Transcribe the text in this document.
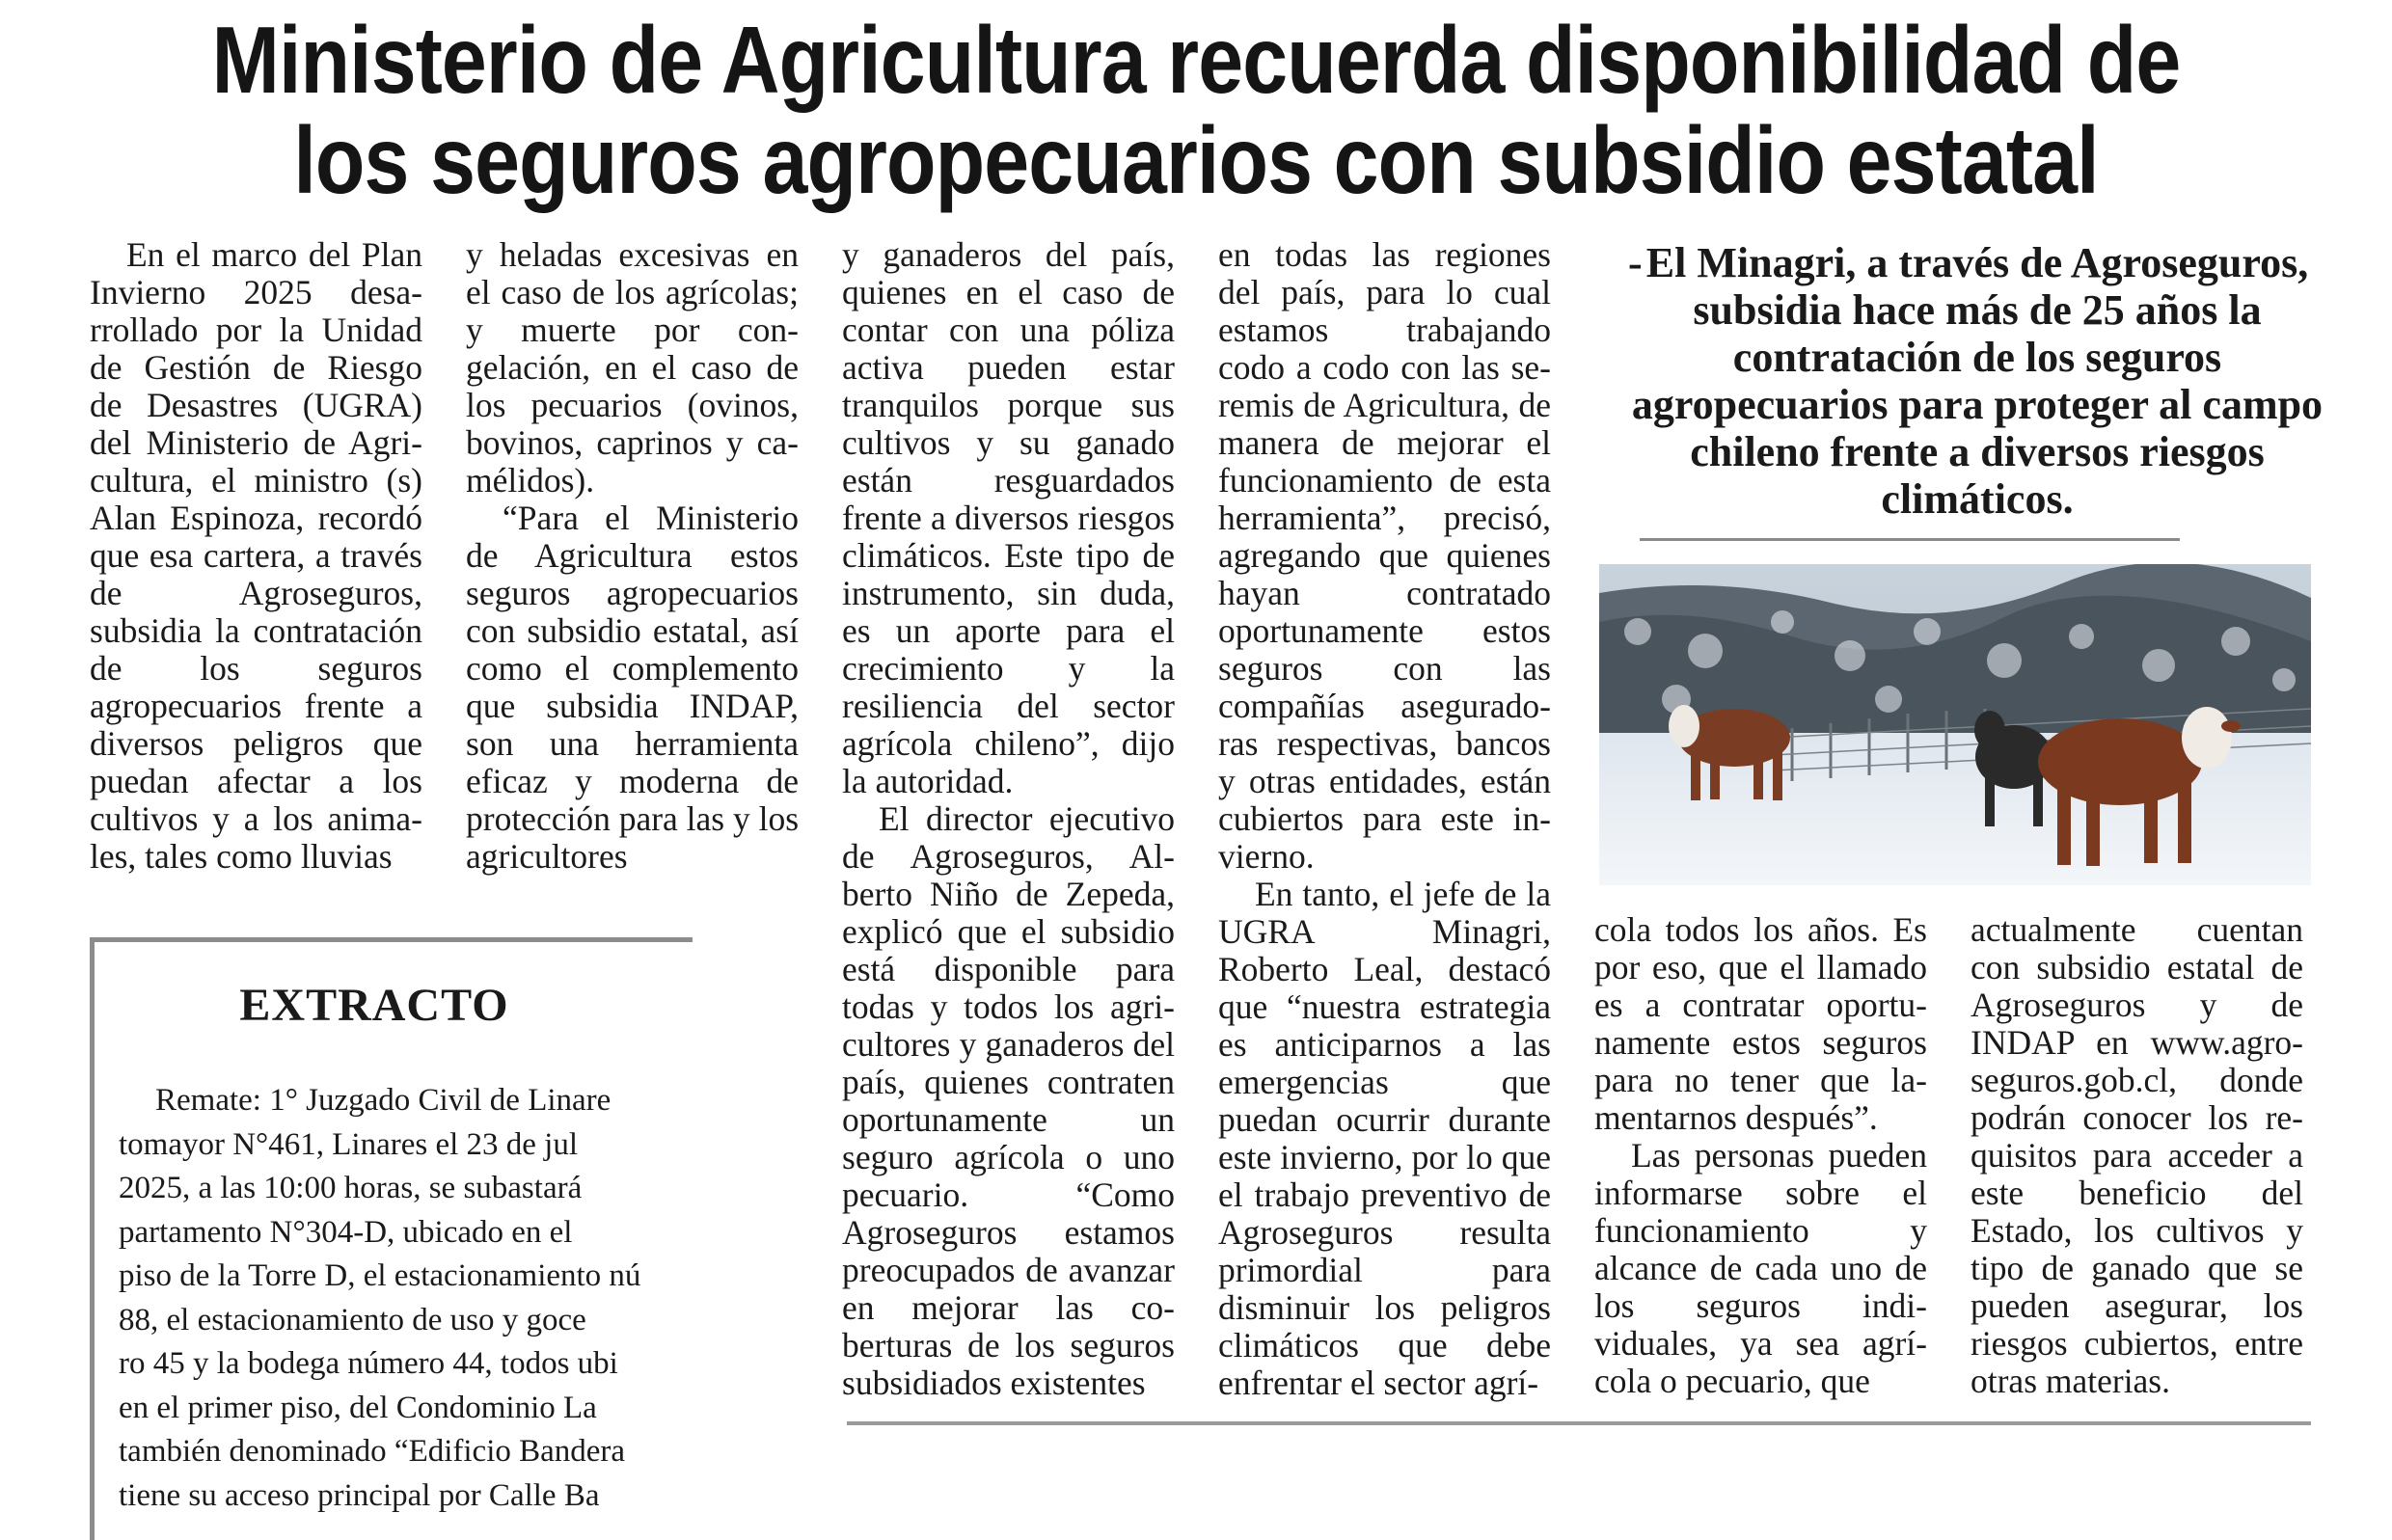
Ministerio de Agricultura recuerda disponibilidad de
los seguros agropecuarios con subsidio estatal

En el marco del Plan Invierno 2025 desarrollado por la Unidad de Gestión de Riesgo de Desastres (UGRA) del Ministerio de Agricultura, el ministro (s) Alan Espinoza, recordó que esa cartera, a través de Agroseguros, subsidia la contratación de los seguros agropecuarios frente a diversos peligros que puedan afectar a los cultivos y a los animales, tales como lluvias

y heladas excesivas en el caso de los agrícolas; y muerte por congelación, en el caso de los pecuarios (ovinos, bovinos, caprinos y camélidos).

“Para el Ministerio de Agricultura estos seguros agropecuarios con subsidio estatal, así como el complemento que subsidia INDAP, son una herramienta eficaz y moderna de protección para las y los agricultores

y ganaderos del país, quienes en el caso de contar con una póliza activa pueden estar tranquilos porque sus cultivos y su ganado están resguardados frente a diversos riesgos climáticos. Este tipo de instrumento, sin duda, es un aporte para el crecimiento y la resiliencia del sector agrícola chileno”, dijo la autoridad.

El director ejecutivo de Agroseguros, Alberto Niño de Zepeda, explicó que el subsidio está disponible para todas y todos los agricultores y ganaderos del país, quienes contraten oportunamente un seguro agrícola o uno pecuario. “Como Agroseguros estamos preocupados de avanzar en mejorar las coberturas de los seguros subsidiados existentes

en todas las regiones del país, para lo cual estamos trabajando codo a codo con las seremis de Agricultura, de manera de mejorar el funcionamiento de esta herramienta”, precisó, agregando que quienes hayan contratado oportunamente estos seguros con las compañías aseguradoras respectivas, bancos y otras entidades, están cubiertos para este invierno.

En tanto, el jefe de la UGRA Minagri, Roberto Leal, destacó que “nuestra estrategia es anticiparnos a las emergencias que puedan ocurrir durante este invierno, por lo que el trabajo preventivo de Agroseguros resulta primordial para disminuir los peligros climáticos que debe enfrentar el sector agrí-

- El Minagri, a través de Agroseguros, subsidia hace más de 25 años la contratación de los seguros agropecuarios para proteger al campo chileno frente a diversos riesgos climáticos.

cola todos los años. Es por eso, que el llamado es a contratar oportunamente estos seguros para no tener que lamentarnos después”.

Las personas pueden informarse sobre el funcionamiento y alcance de cada uno de los seguros individuales, ya sea agrícola o pecuario, que

actualmente cuentan con subsidio estatal de Agroseguros y de INDAP en www.agroseguros.gob.cl, donde podrán conocer los requisitos para acceder a este beneficio del Estado, los cultivos y tipo de ganado que se pueden asegurar, los riesgos cubiertos, entre otras materias.

EXTRACTO
Remate: 1° Juzgado Civil de Linare
tomayor N°461, Linares el 23 de jul
2025, a las 10:00 horas, se subastará
partamento N°304-D, ubicado en el
piso de la Torre D, el estacionamiento nú
88, el estacionamiento de uso y goce
ro 45 y la bodega número 44, todos ubi
en el primer piso, del Condominio La
también denominado “Edificio Bandera
tiene su acceso principal por Calle Ba
